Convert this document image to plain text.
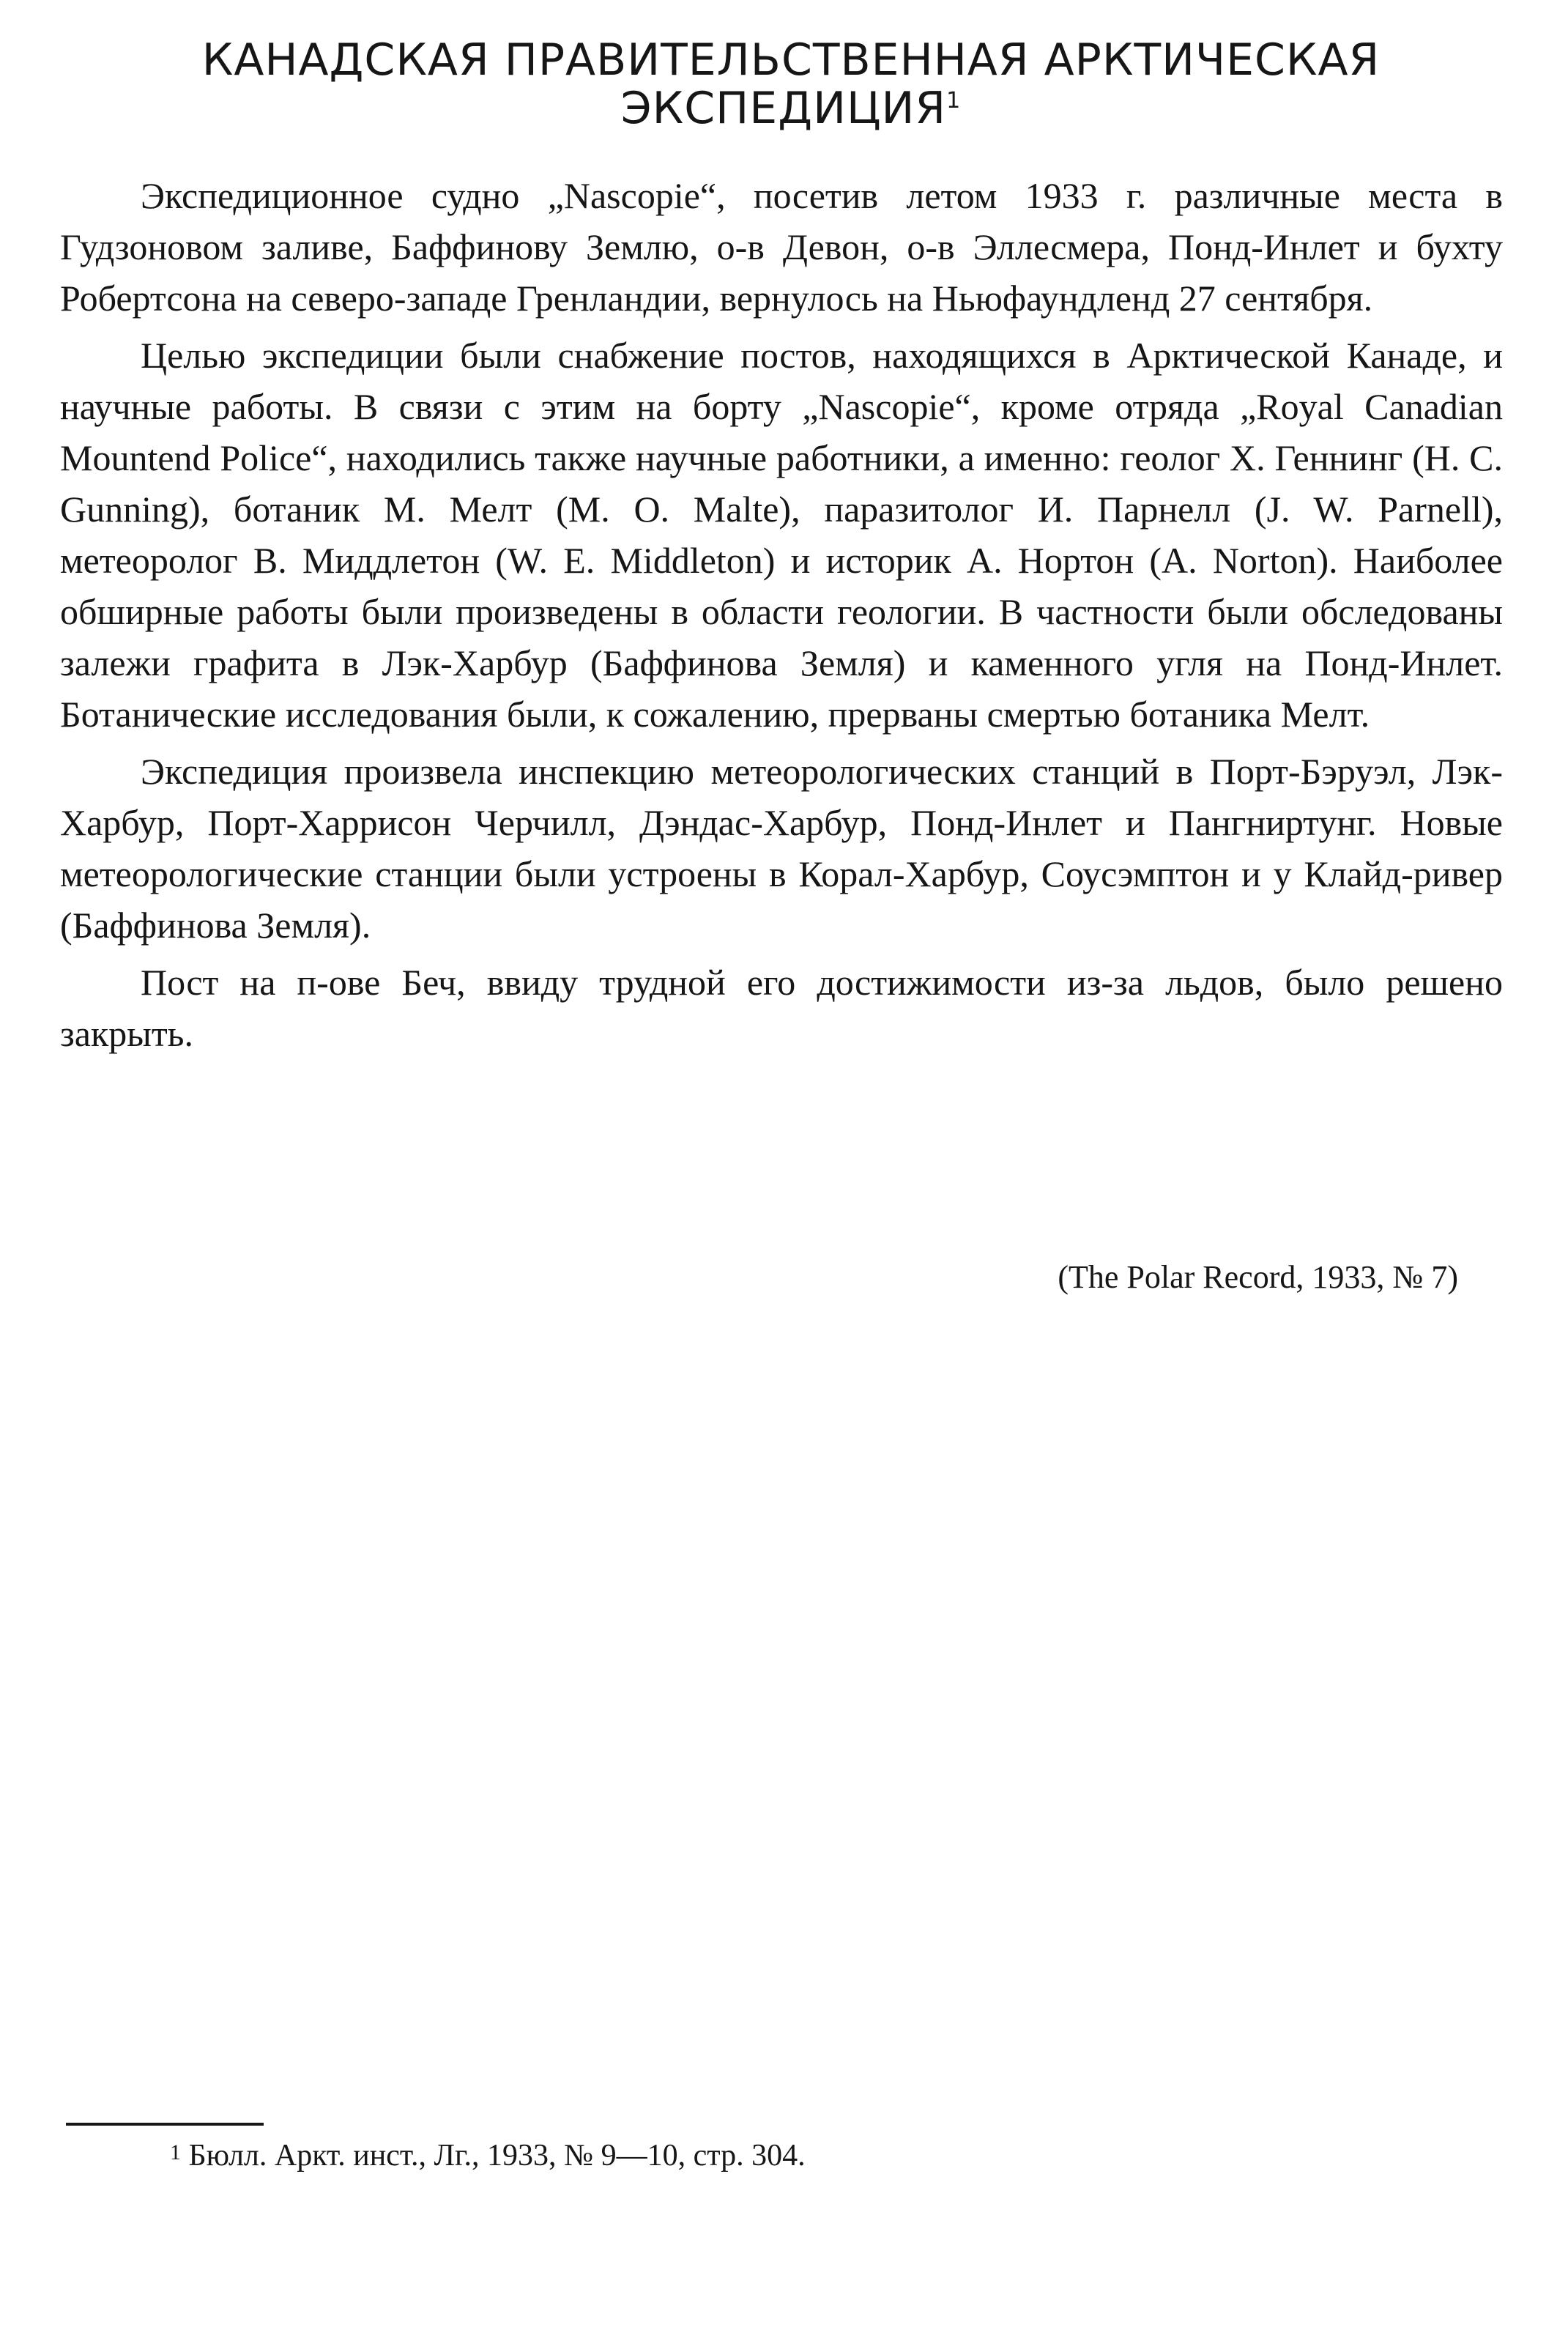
КАНАДСКАЯ ПРАВИТЕЛЬСТВЕННАЯ АРКТИЧЕСКАЯ
ЭКСПЕДИЦИЯ$^1$

Экспедиционное судно „Nascopie“, посетив летом 1933 г. различные места в Гудзоновом заливе, Баффинову Землю, о-в Девон, о-в Эллесмера, Понд-Инлет и бухту Робертсона на северо-западе Гренландии, вернулось на Ньюфаундленд 27 сентября.

Целью экспедиции были снабжение постов, находящихся в Арктической Канаде, и научные работы. В связи с этим на борту „Nascopie“, кроме отряда „Royal Canadian Mountend Police“, находились также научные работники, а именно: геолог Х. Геннинг (H. C. Gunning), ботаник М. Мелт (M. O. Malte), паразитолог И. Парнелл (J. W. Parnell), метеоролог В. Миддлетон (W. E. Middleton) и историк А. Нортон (A. Norton). Наиболее обширные работы были произведены в области геологии. В частности были обследованы залежи графита в Лэк-Харбур (Баффинова Земля) и каменного угля на Понд-Инлет. Ботанические исследования были, к сожалению, прерваны смертью ботаника Мелт.

Экспедиция произвела инспекцию метеорологических станций в Порт-Бэруэл, Лэк-Харбур, Порт-Харрисон Черчилл, Дэндас-Харбур, Понд-Инлет и Пангниртунг. Новые метеорологические станции были устроены в Корал-Харбур, Соусэмптон и у Клайд-ривер (Баффинова Земля).

Пост на п-ове Беч, ввиду трудной его достижимости из-за льдов, было решено закрыть.

(The Polar Record, 1933, № 7)
$^1$ Бюлл. Аркт. инст., Лг., 1933, № 9—10, стр. 304.
